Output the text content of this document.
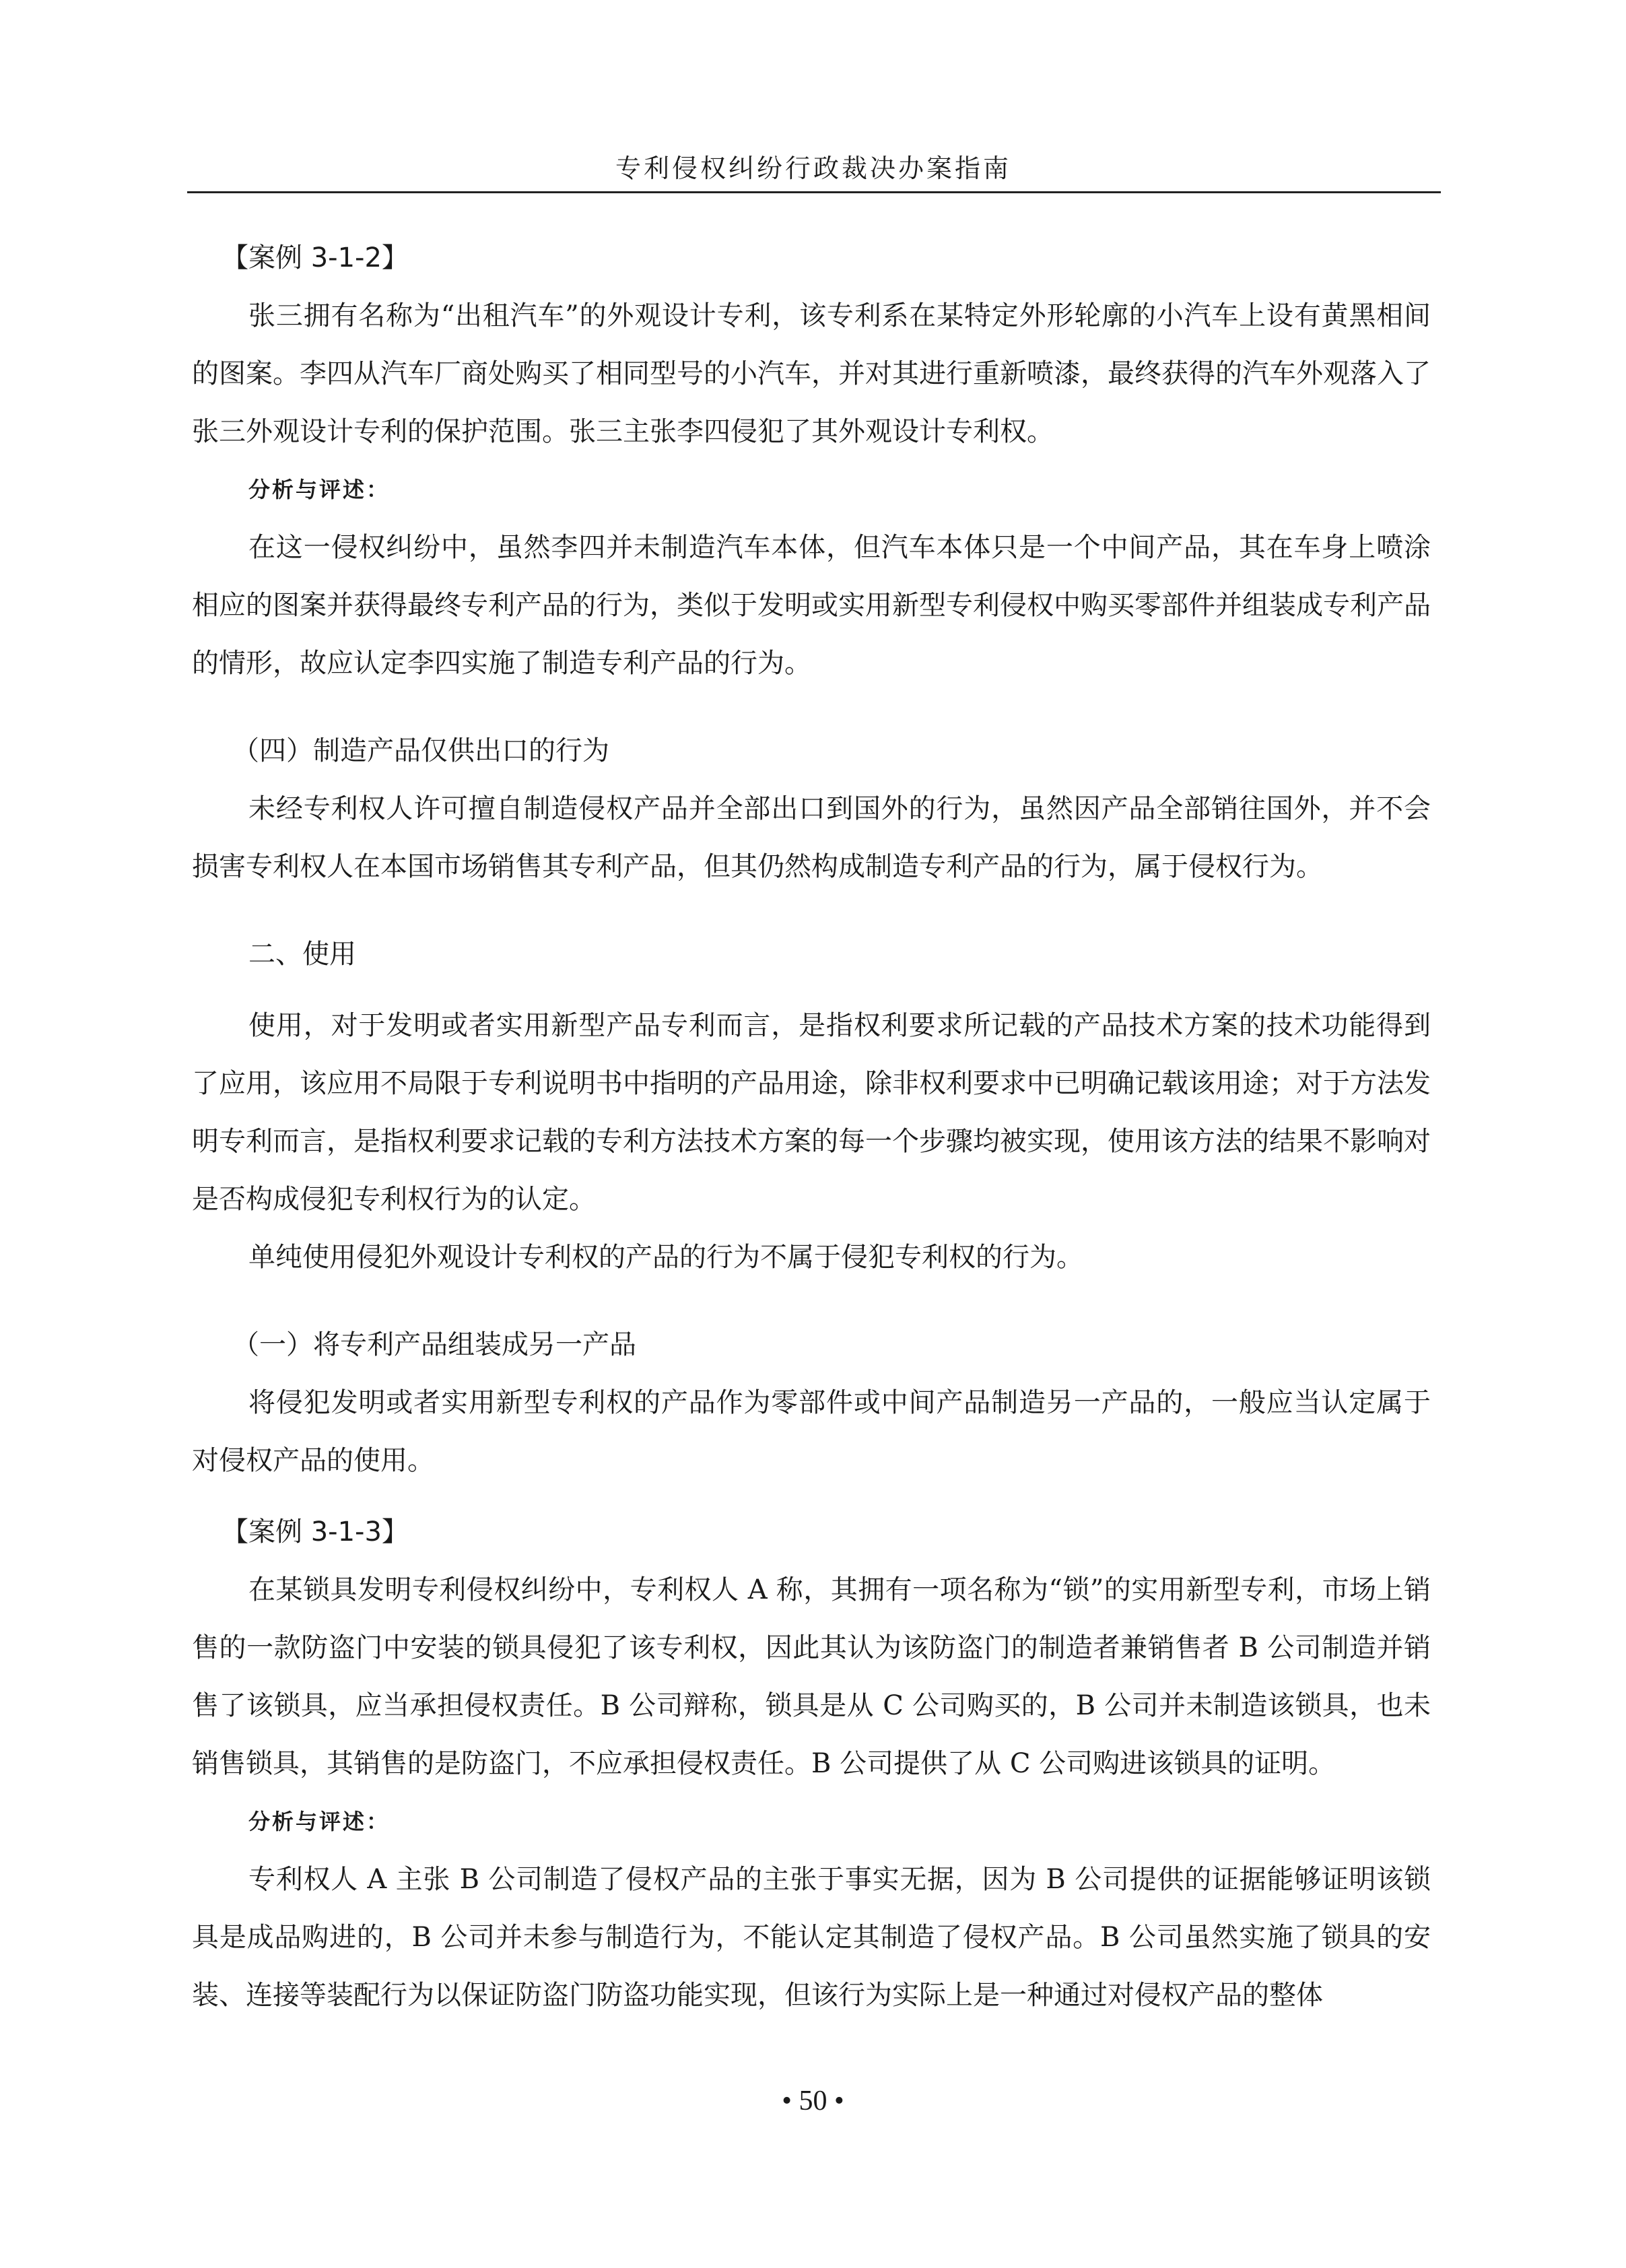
专利侵权纠纷行政裁决办案指南

【案例 3-1-2】

张三拥有名称为“出租汽车”的外观设计专利，该专利系在某特定外形轮廓的小汽车上设有黄黑相间的图案。李四从汽车厂商处购买了相同型号的小汽车，并对其进行重新喷漆，最终获得的汽车外观落入了张三外观设计专利的保护范围。张三主张李四侵犯了其外观设计专利权。

分析与评述：

在这一侵权纠纷中，虽然李四并未制造汽车本体，但汽车本体只是一个中间产品，其在车身上喷涂相应的图案并获得最终专利产品的行为，类似于发明或实用新型专利侵权中购买零部件并组装成专利产品的情形，故应认定李四实施了制造专利产品的行为。

（四）制造产品仅供出口的行为

未经专利权人许可擅自制造侵权产品并全部出口到国外的行为，虽然因产品全部销往国外，并不会损害专利权人在本国市场销售其专利产品，但其仍然构成制造专利产品的行为，属于侵权行为。

二、使用

使用，对于发明或者实用新型产品专利而言，是指权利要求所记载的产品技术方案的技术功能得到了应用，该应用不局限于专利说明书中指明的产品用途，除非权利要求中已明确记载该用途；对于方法发明专利而言，是指权利要求记载的专利方法技术方案的每一个步骤均被实现，使用该方法的结果不影响对是否构成侵犯专利权行为的认定。

单纯使用侵犯外观设计专利权的产品的行为不属于侵犯专利权的行为。

（一）将专利产品组装成另一产品

将侵犯发明或者实用新型专利权的产品作为零部件或中间产品制造另一产品的，一般应当认定属于对侵权产品的使用。

【案例 3-1-3】

在某锁具发明专利侵权纠纷中，专利权人 A 称，其拥有一项名称为“锁”的实用新型专利，市场上销售的一款防盗门中安装的锁具侵犯了该专利权，因此其认为该防盗门的制造者兼销售者 B 公司制造并销售了该锁具，应当承担侵权责任。B 公司辩称，锁具是从 C 公司购买的，B 公司并未制造该锁具，也未销售锁具，其销售的是防盗门，不应承担侵权责任。B 公司提供了从 C 公司购进该锁具的证明。

分析与评述：

专利权人 A 主张 B 公司制造了侵权产品的主张于事实无据，因为 B 公司提供的证据能够证明该锁具是成品购进的，B 公司并未参与制造行为，不能认定其制造了侵权产品。B 公司虽然实施了锁具的安装、连接等装配行为以保证防盗门防盗功能实现，但该行为实际上是一种通过对侵权产品的整体

• 50 •
